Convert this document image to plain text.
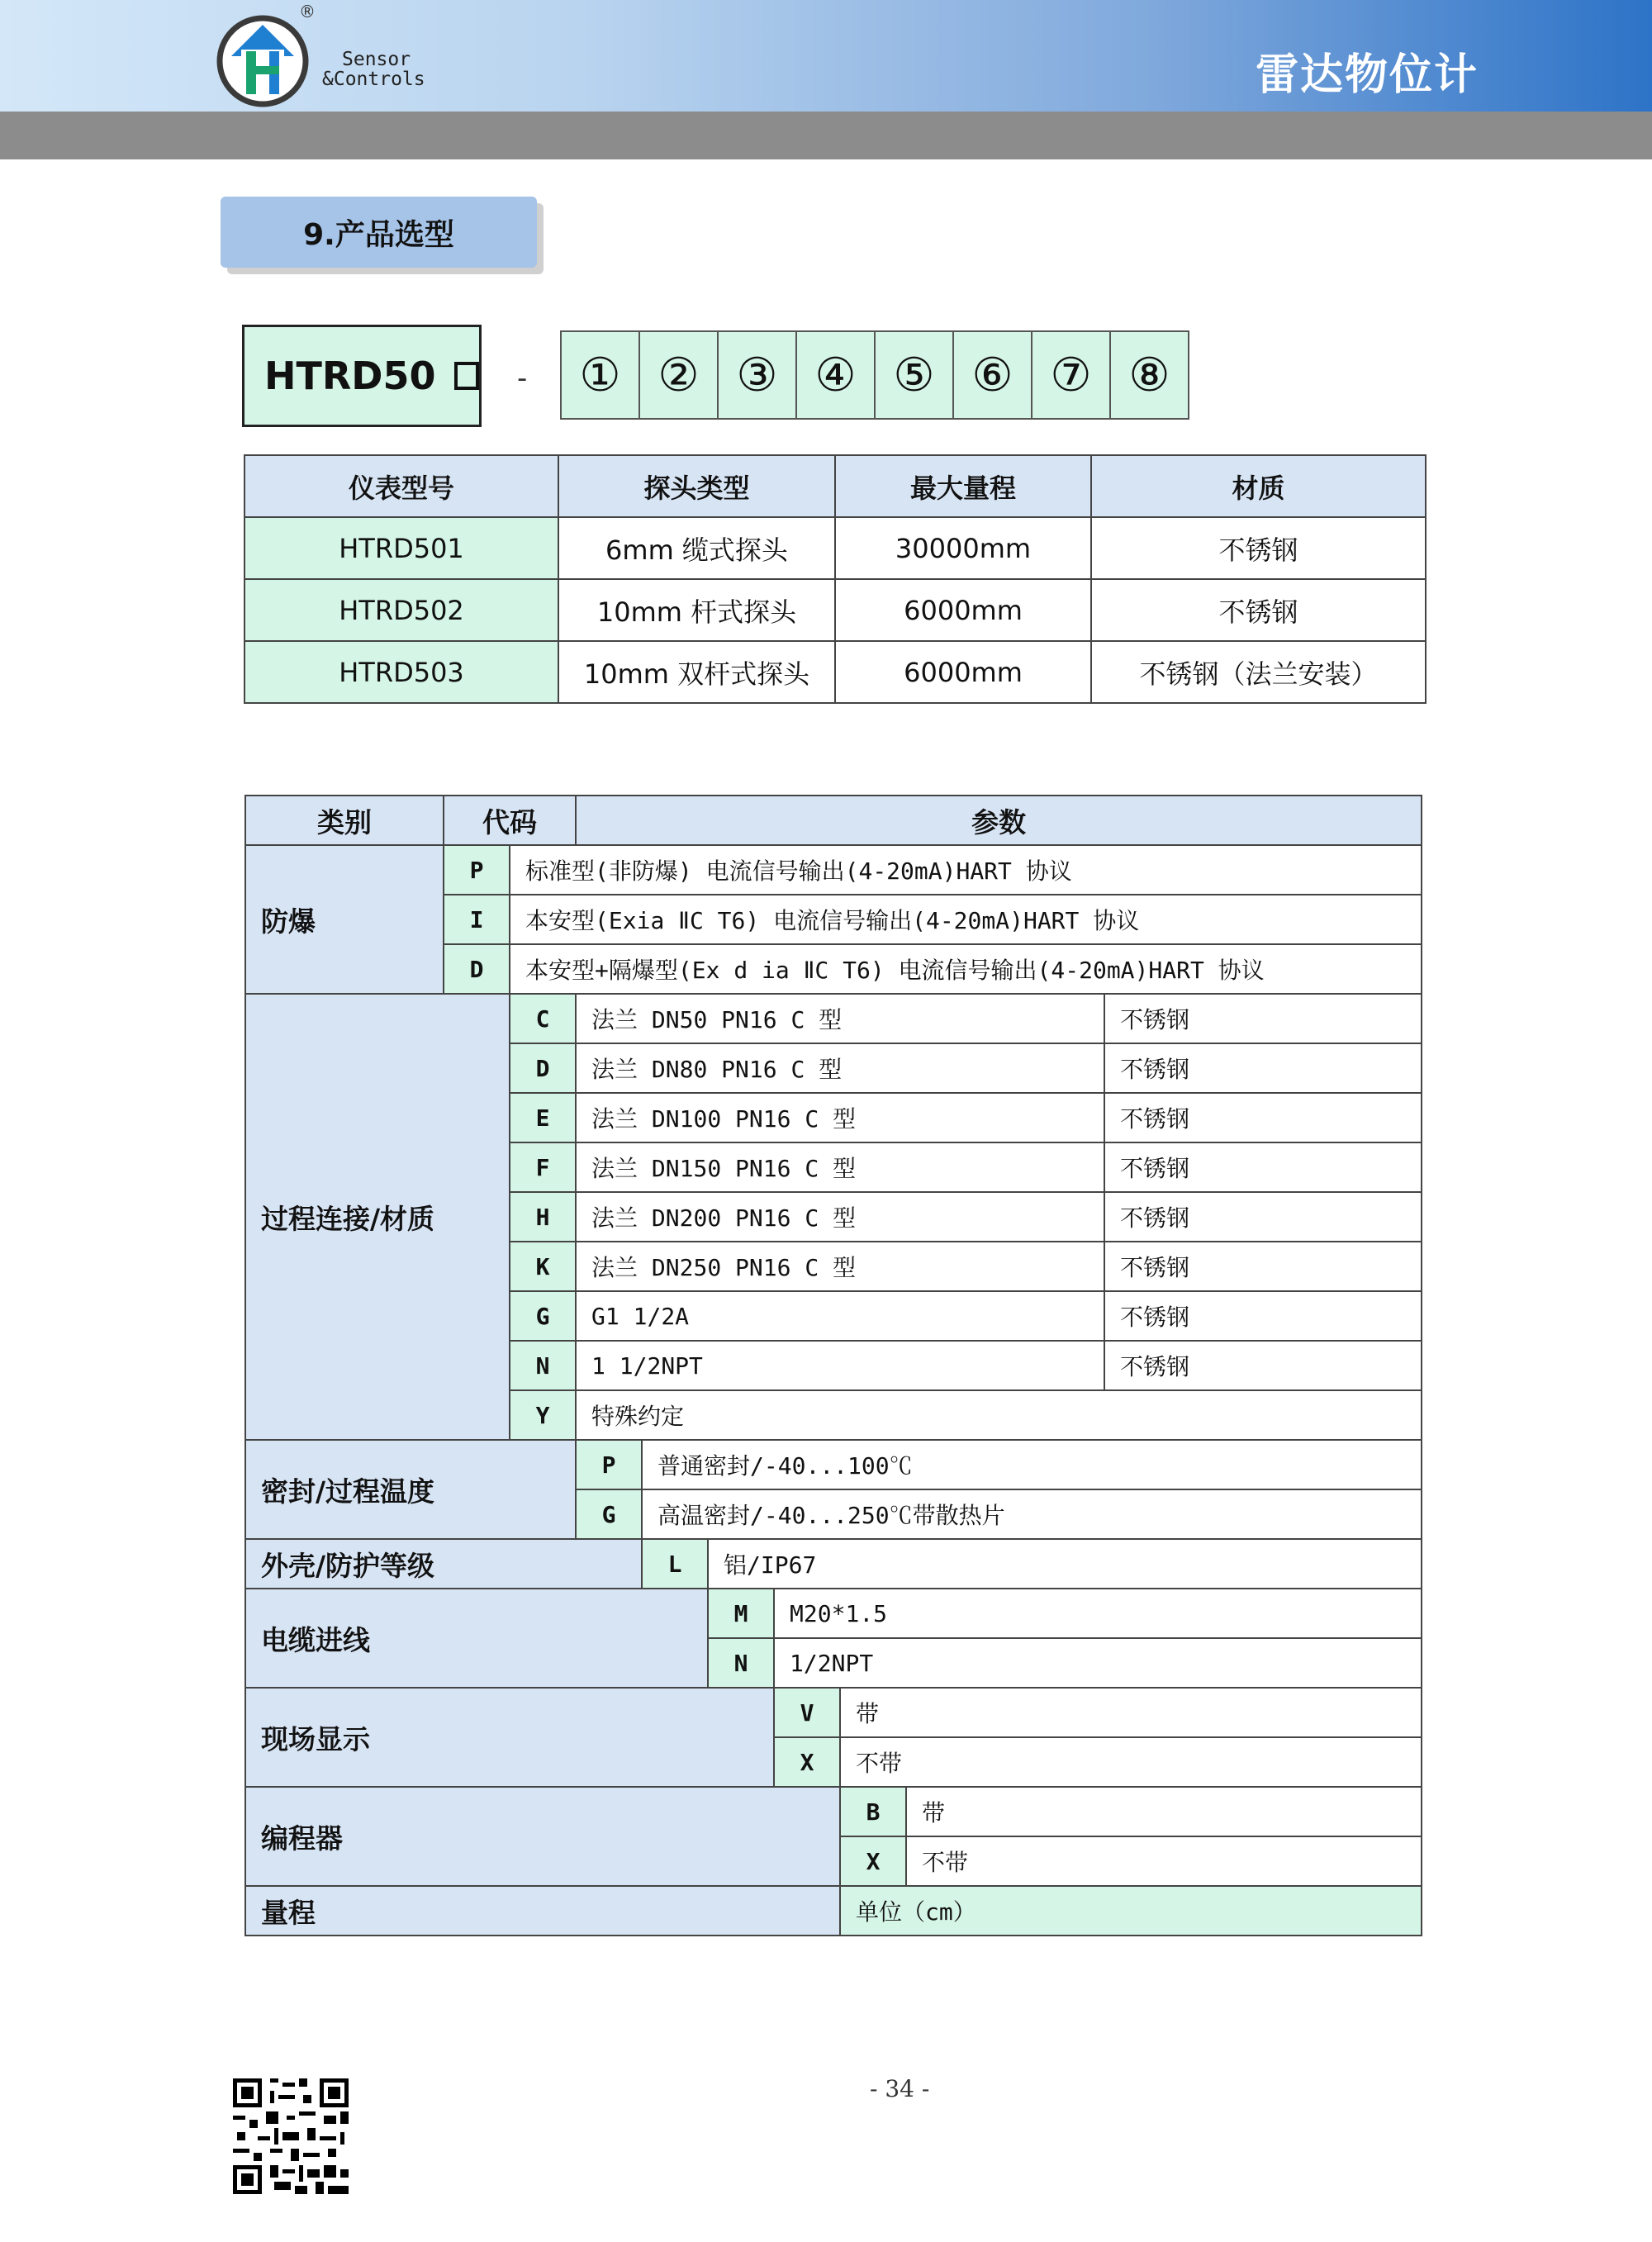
®
Sensor
&Controls	雷达物位计
9.产品选型
HTRD50	-	① ② ③ ④ ⑤ ⑥ ⑦ ⑧
仪表型号	探头类型	最大量程	材质
HTRD501	6mm 缆式探头	30000mm	不锈钢
HTRD502	10mm 杆式探头	6000mm	不锈钢
HTRD503	10mm 双杆式探头	6000mm	不锈钢（法兰安装）
类别	代码		参数						
防爆	P	标准型(非防爆) 电流信号输出(4-20mA)HART 协议							
	I	本安型(Exia ⅡC T6) 电流信号输出(4-20mA)HART 协议							
	D	本安型+隔爆型(Ex d ia ⅡC T6) 电流信号输出(4-20mA)HART 协议							
过程连接/材质		C	法兰 DN50 PN16 C 型						不锈钢
		D	法兰 DN80 PN16 C 型						不锈钢
		E	法兰 DN100 PN16 C 型						不锈钢
		F	法兰 DN150 PN16 C 型						不锈钢
		H	法兰 DN200 PN16 C 型						不锈钢
		K	法兰 DN250 PN16 C 型						不锈钢
		G	G1 1/2A						不锈钢
		N	1 1/2NPT						不锈钢
		Y	特殊约定						
密封/过程温度			P	普通密封/-40...100℃					
			G	高温密封/-40...250℃带散热片					
外壳/防护等级				L	铝/IP67				
电缆进线					M	M20*1.5			
					N	1/2NPT			
现场显示						V	带		
						X	不带		
编程器							B	带	
							X	不带	
量程							单位（cm）		
- 34 -
